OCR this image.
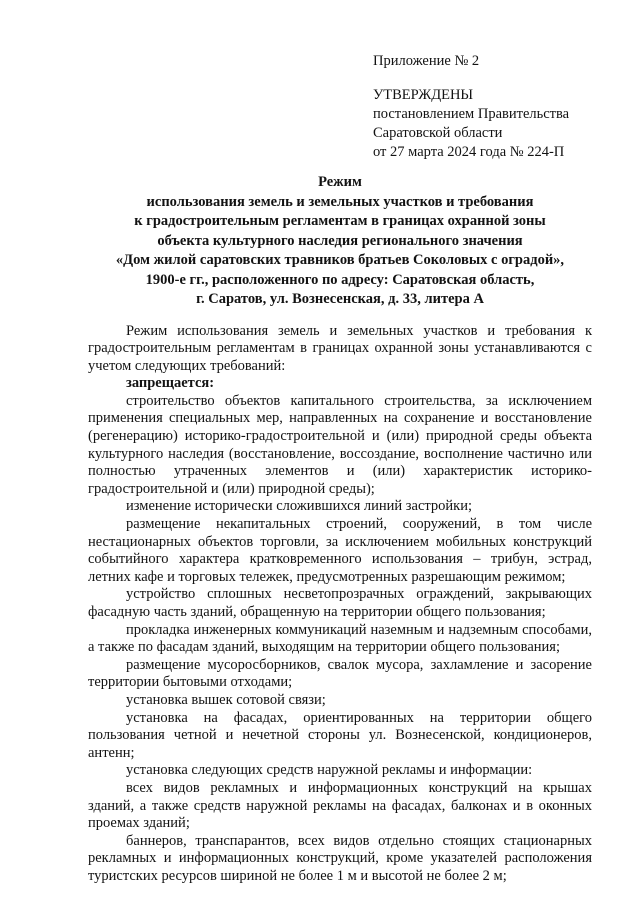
Приложение № 2
УТВЕРЖДЕНЫ
постановлением Правительства
Саратовской области
от 27 марта 2024 года № 224-П
Режим
использования земель и земельных участков и требования
к градостроительным регламентам в границах охранной зоны
объекта культурного наследия регионального значения
«Дом жилой саратовских травников братьев Соколовых с оградой»,
1900-е гг., расположенного по адресу: Саратовская область,
г. Саратов, ул. Вознесенская, д. 33, литера А

Режим использования земель и земельных участков и требования к градостроительным регламентам в границах охранной зоны устанавливаются с учетом следующих требований:

запрещается:

строительство объектов капитального строительства, за исключением применения специальных мер, направленных на сохранение и восстановление (регенерацию) историко-градостроительной и (или) природной среды объекта культурного наследия (восстановление, воссоздание, восполнение частично или полностью утраченных элементов и (или) характеристик историко-градостроительной и (или) природной среды);

изменение исторически сложившихся линий застройки;

размещение некапитальных строений, сооружений, в том числе нестационарных объектов торговли, за исключением мобильных конструкций событийного характера кратковременного использования – трибун, эстрад, летних кафе и торговых тележек, предусмотренных разрешающим режимом;

устройство сплошных несветопрозрачных ограждений, закрывающих фасадную часть зданий, обращенную на территории общего пользования;

прокладка инженерных коммуникаций наземным и надземным способами, а также по фасадам зданий, выходящим на территории общего пользования;

размещение мусоросборников, свалок мусора, захламление и засорение территории бытовыми отходами;

установка вышек сотовой связи;

установка на фасадах, ориентированных на территории общего пользования четной и нечетной стороны ул. Вознесенской, кондиционеров, антенн;

установка следующих средств наружной рекламы и информации:

всех видов рекламных и информационных конструкций на крышах зданий, а также средств наружной рекламы на фасадах, балконах и в оконных проемах зданий;

баннеров, транспарантов, всех видов отдельно стоящих стационарных рекламных и информационных конструкций, кроме указателей расположения туристских ресурсов шириной не более 1 м и высотой не более 2 м;
